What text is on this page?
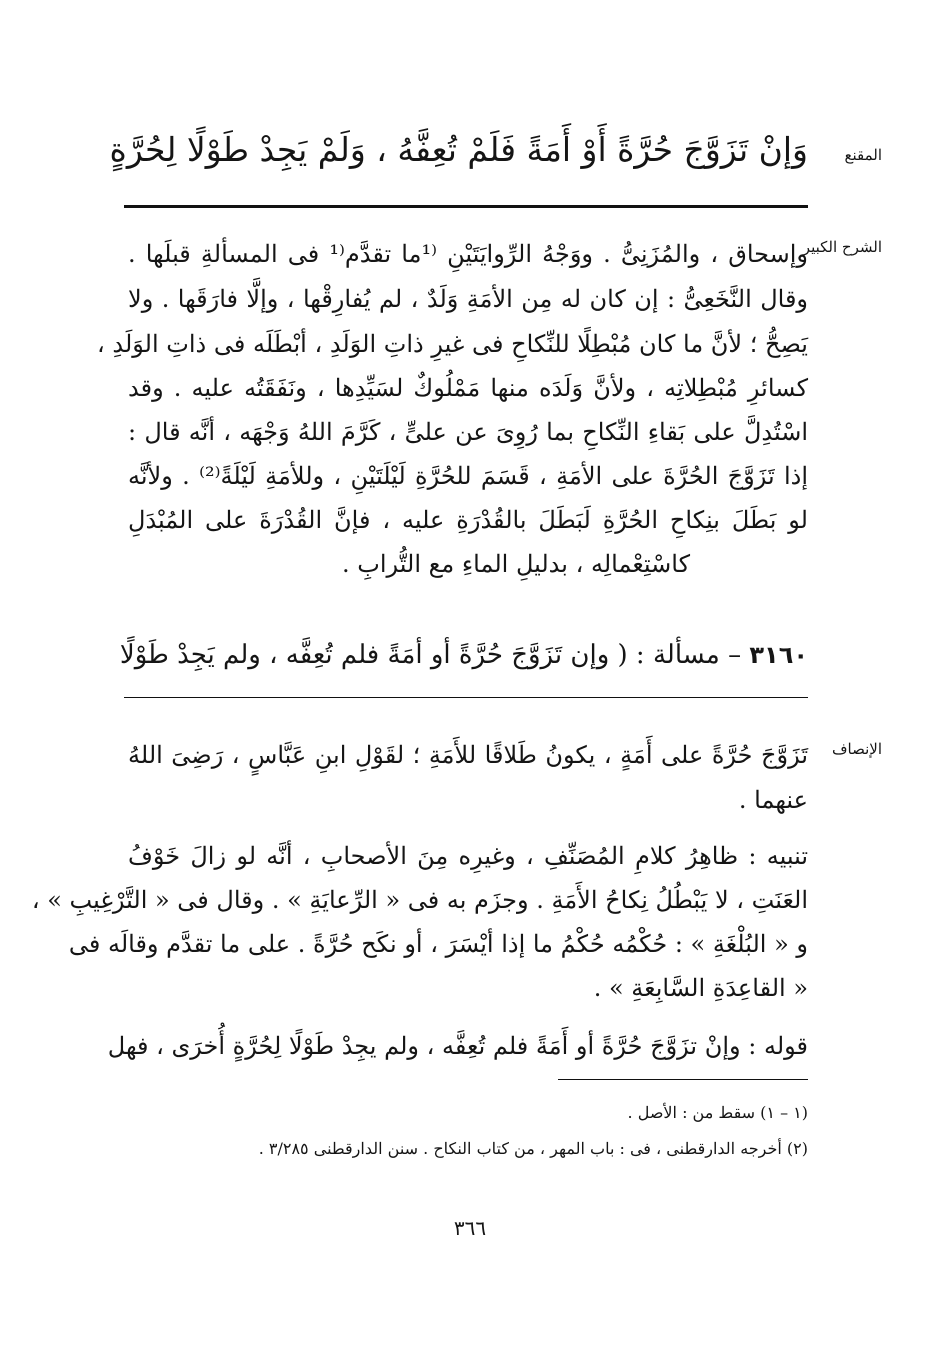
المقنع
وَإنْ تَزَوَّجَ حُرَّةً أَوْ أَمَةً فَلَمْ تُعِفَّهُ ، وَلَمْ يَجِدْ طَوْلًا لِحُرَّةٍ
الشرح الكبير
وإسحاق ، والمُزَنِىُّ . ووَجْهُ الرِّوايَتَيْنِ ⁽¹ما تقدَّم⁽¹ فى المسألةِ قبلَها .
وقال النَّخَعِىُّ : إن كان له مِن الأمَةِ وَلَدٌ ، لم يُفارِقْها ، وإلَّا فارَقَها . ولا
يَصِحُّ ؛ لأنَّ ما كان مُبْطِلًا للنِّكاحِ فى غيرِ ذاتِ الوَلَدِ ، أبْطَلَه فى ذاتِ الوَلَدِ ،
كسائرِ مُبْطِلاتِه ، ولأنَّ وَلَدَه منها مَمْلُوكٌ لسَيِّدِها ، ونَفَقَتُه عليه . وقد
اسْتُدِلَّ على بَقاءِ النِّكاحِ بما رُوِىَ عن علىٍّ ، كَرَّمَ اللهُ وَجْهَه ، أنَّه قال :
إذا تَزَوَّجَ الحُرَّةَ على الأمَةِ ، قَسَمَ للحُرَّةِ لَيْلَتَيْنِ ، وللأمَةِ لَيْلَةً⁽²⁾ . ولأنَّه
لو بَطَلَ بنِكاحِ الحُرَّةِ لَبَطَلَ بالقُدْرَةِ عليه ، فإنَّ القُدْرَةَ على المُبْدَلِ
كاسْتِعْمالِه ، بدليلِ الماءِ مع التُّرابِ .
٣١٦٠ – مسألة : ( وإن تَزَوَّجَ حُرَّةً أو أمَةً فلم تُعِفَّه ، ولم يَجِدْ طَوْلًا
الإنصاف
تَزَوَّجَ حُرَّةً على أَمَةٍ ، يكونُ طَلاقًا للأَمَةِ ؛ لقَوْلِ ابنِ عَبَّاسٍ ، رَضِىَ اللهُ
عنهما .
تنبيه : ظاهِرُ كلامِ المُصَنِّفِ ، وغيرِه مِنَ الأصحابِ ، أنَّه لو زالَ خَوْفُ
العَنَتِ ، لا يَبْطُلُ نِكاحُ الأَمَةِ . وجزَم به فى « الرِّعايَةِ » . وقال فى « التَّرْغِيبِ » ،
و « البُلْغَةِ » : حُكْمُه حُكْمُ ما إذا أيْسَرَ ، أو نكَح حُرَّةً . على ما تقدَّم وقالَه فى
« القاعِدَةِ السَّابِعَةِ » .
قوله : وإنْ تزَوَّجَ حُرَّةً أو أَمَةً فلم تُعِفَّه ، ولم يجِدْ طَوْلًا لِحُرَّةٍ أُخرَى ، فهل
(١ – ١) سقط من : الأصل .
(٢) أخرجه الدارقطنى ، فى : باب المهر ، من كتاب النكاح . سنن الدارقطنى ٣/٢٨٥ .
٣٦٦
